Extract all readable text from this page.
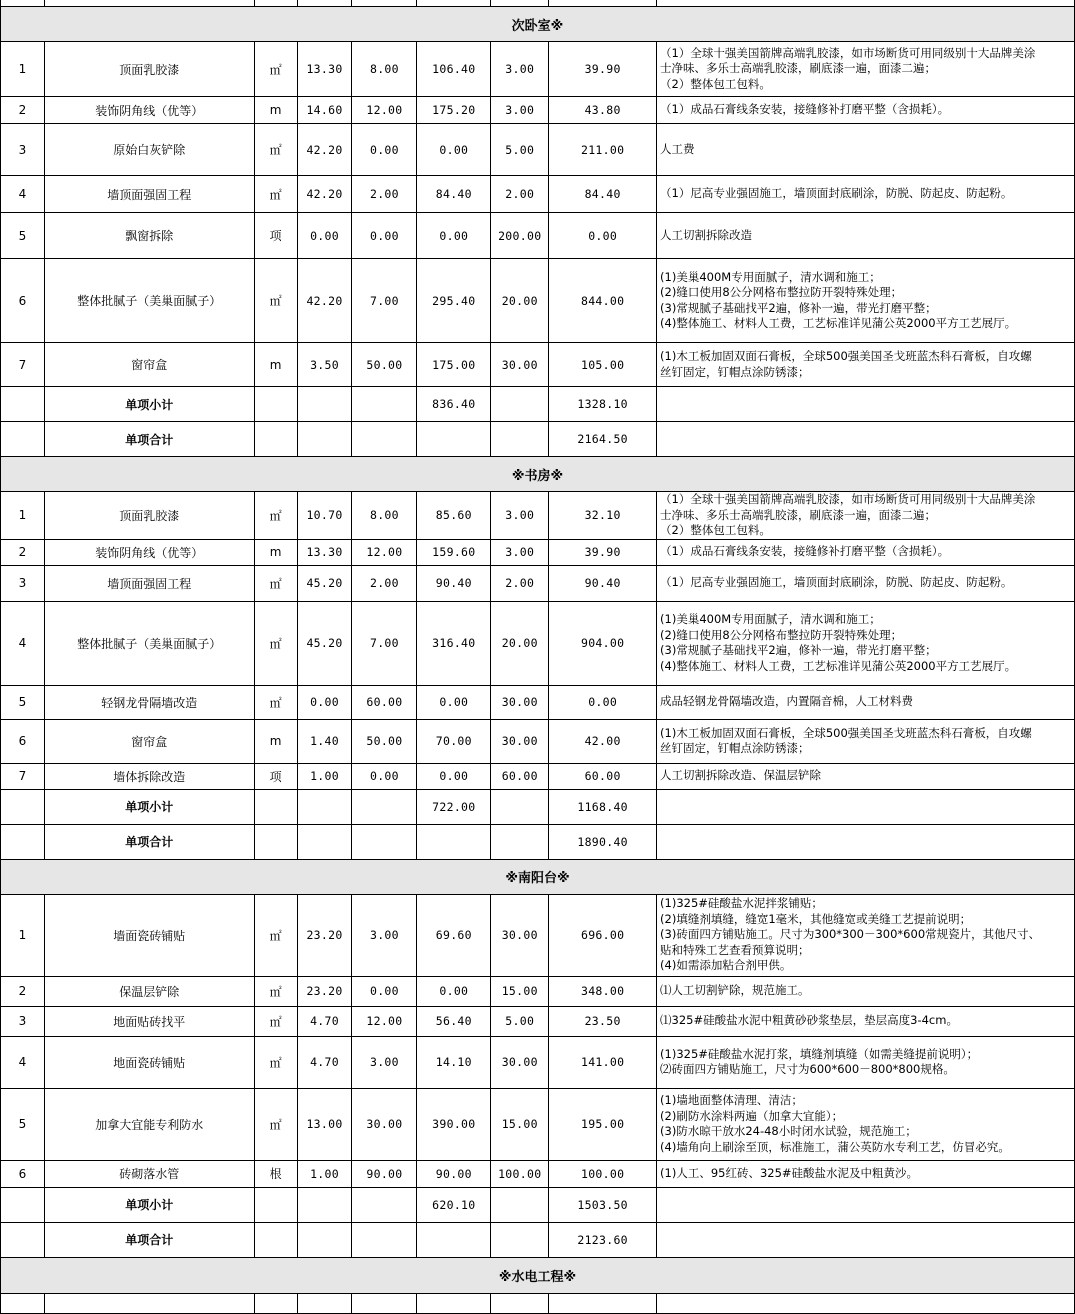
次卧室※								
1	顶面乳胶漆	㎡	13.30	8.00	106.40	3.00	39.90	（1）全球十强美国箭牌高端乳胶漆，如市场断货可用同级别十大品牌美涂
士净味、多乐士高端乳胶漆，刷底漆一遍，面漆二遍；
（2）整体包工包料。

2	装饰阴角线（优等）	m	14.60	12.00	175.20	3.00	43.80	（1）成品石膏线条安装，接缝修补打磨平整（含损耗）。

3	原始白灰铲除	㎡	42.20	0.00	0.00	5.00	211.00	人工费

4	墙顶面强固工程	㎡	42.20	2.00	84.40	2.00	84.40	（1）尼高专业强固施工，墙顶面封底刷涂，防脱、防起皮、防起粉。

5	飘窗拆除	项	0.00	0.00	0.00	200.00	0.00	人工切割拆除改造

6	整体批腻子（美巢面腻子）	㎡	42.20	7.00	295.40	20.00	844.00	(1)美巢400M专用面腻子，清水调和施工；
(2)缝口使用8公分网格布整拉防开裂特殊处理；
(3)常规腻子基础找平2遍，修补一遍，带光打磨平整；
(4)整体施工、材料人工费，工艺标准详见蒲公英2000平方工艺展厅。

7	窗帘盒	m	3.50	50.00	175.00	30.00	105.00	(1)木工板加固双面石膏板，全球500强美国圣戈班蓝杰科石膏板，自攻螺
丝钉固定，钉帽点涂防锈漆；

	单项小计				836.40		1328.10	
	单项合计						2164.50	
※书房※								
1	顶面乳胶漆	㎡	10.70	8.00	85.60	3.00	32.10	（1）全球十强美国箭牌高端乳胶漆，如市场断货可用同级别十大品牌美涂
士净味、多乐士高端乳胶漆，刷底漆一遍，面漆二遍；
（2）整体包工包料。

2	装饰阴角线（优等）	m	13.30	12.00	159.60	3.00	39.90	（1）成品石膏线条安装，接缝修补打磨平整（含损耗）。

3	墙顶面强固工程	㎡	45.20	2.00	90.40	2.00	90.40	（1）尼高专业强固施工，墙顶面封底刷涂，防脱、防起皮、防起粉。

4	整体批腻子（美巢面腻子）	㎡	45.20	7.00	316.40	20.00	904.00	(1)美巢400M专用面腻子，清水调和施工；
(2)缝口使用8公分网格布整拉防开裂特殊处理；
(3)常规腻子基础找平2遍，修补一遍，带光打磨平整；
(4)整体施工、材料人工费，工艺标准详见蒲公英2000平方工艺展厅。

5	轻钢龙骨隔墙改造	㎡	0.00	60.00	0.00	30.00	0.00	成品轻钢龙骨隔墙改造，内置隔音棉，人工材料费

6	窗帘盒	m	1.40	50.00	70.00	30.00	42.00	(1)木工板加固双面石膏板，全球500强美国圣戈班蓝杰科石膏板，自攻螺
丝钉固定，钉帽点涂防锈漆；

7	墙体拆除改造	项	1.00	0.00	0.00	60.00	60.00	人工切割拆除改造、保温层铲除

	单项小计				722.00		1168.40	
	单项合计						1890.40	
※南阳台※								
1	墙面瓷砖铺贴	㎡	23.20	3.00	69.60	30.00	696.00	(1)325#硅酸盐水泥拌浆铺贴；
(2)填缝剂填缝，缝宽1毫米，其他缝宽或美缝工艺提前说明；
(3)砖面四方铺贴施工。尺寸为300*300－300*600常规瓷片，其他尺寸、
贴和特殊工艺查看预算说明；
(4)如需添加粘合剂甲供。

2	保温层铲除	㎡	23.20	0.00	0.00	15.00	348.00	⑴人工切割铲除，规范施工。

3	地面贴砖找平	㎡	4.70	12.00	56.40	5.00	23.50	⑴325#硅酸盐水泥中粗黄砂砂浆垫层，垫层高度3-4cm。

4	地面瓷砖铺贴	㎡	4.70	3.00	14.10	30.00	141.00	(1)325#硅酸盐水泥打浆，填缝剂填缝（如需美缝提前说明）；
⑵砖面四方铺贴施工，尺寸为600*600－800*800规格。

5	加拿大宜能专利防水	㎡	13.00	30.00	390.00	15.00	195.00	(1)墙地面整体清理、清洁；
(2)刷防水涂料两遍（加拿大宜能）；
(3)防水晾干放水24-48小时闭水试验，规范施工；
(4)墙角向上刷涂至顶，标准施工，蒲公英防水专利工艺，仿冒必究。

6	砖砌落水管	根	1.00	90.00	90.00	100.00	100.00	(1)人工、95红砖、325#硅酸盐水泥及中粗黄沙。

	单项小计				620.10		1503.50	
	单项合计						2123.60	
※水电工程※								
